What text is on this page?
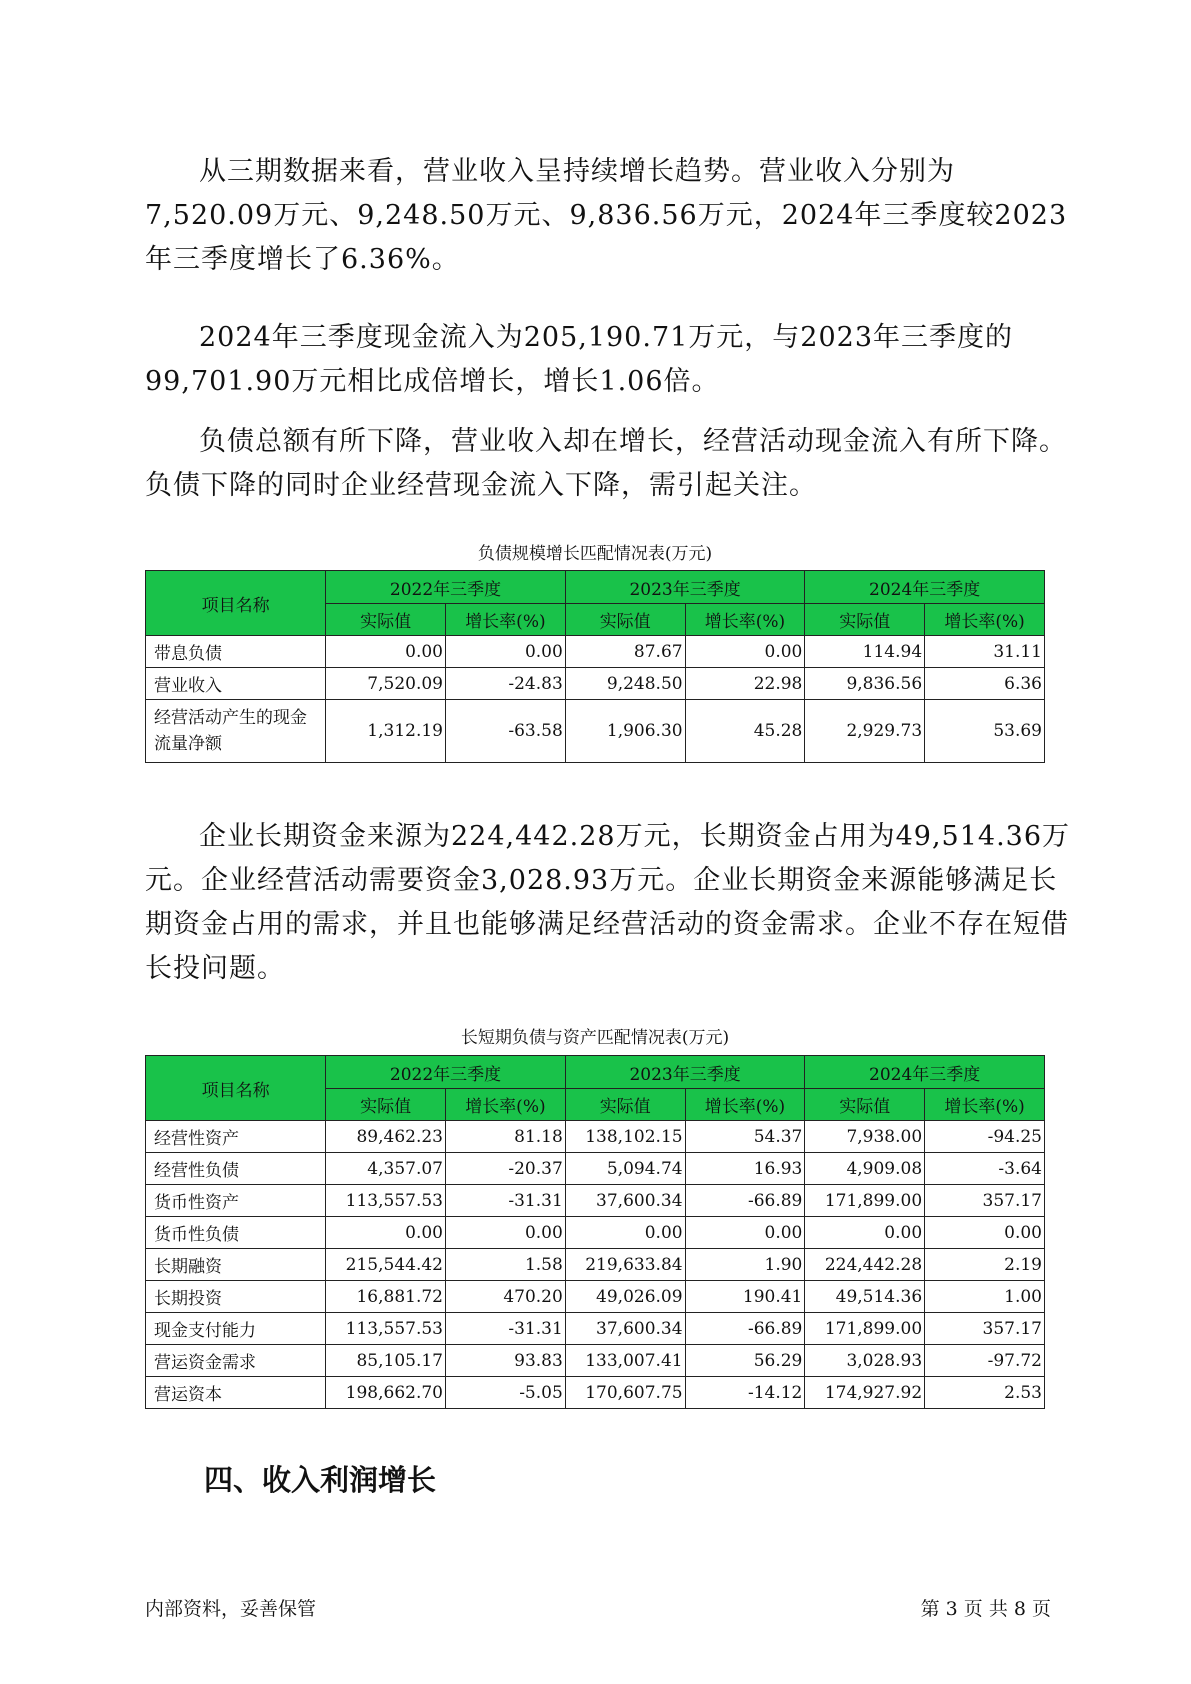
从三期数据来看，营业收入呈持续增长趋势。营业收入分别为7,520.09万元、9,248.50万元、9,836.56万元，2024年三季度较2023年三季度增长了6.36%。

2024年三季度现金流入为205,190.71万元，与2023年三季度的99,701.90万元相比成倍增长，增长1.06倍。

负债总额有所下降，营业收入却在增长，经营活动现金流入有所下降。负债下降的同时企业经营现金流入下降，需引起关注。

负债规模增长匹配情况表(万元)

项目名称	2022年三季度		2023年三季度		2024年三季度	
	实际值	增长率(%)	实际值	增长率(%)	实际值	增长率(%)
带息负债	0.00	0.00	87.67	0.00	114.94	31.11
营业收入	7,520.09	-24.83	9,248.50	22.98	9,836.56	6.36
经营活动产生的现金流量净额	1,312.19	-63.58	1,906.30	45.28	2,929.73	53.69

企业长期资金来源为224,442.28万元，长期资金占用为49,514.36万元。企业经营活动需要资金3,028.93万元。企业长期资金来源能够满足长期资金占用的需求，并且也能够满足经营活动的资金需求。企业不存在短借长投问题。

长短期负债与资产匹配情况表(万元)

项目名称	2022年三季度		2023年三季度		2024年三季度	
	实际值	增长率(%)	实际值	增长率(%)	实际值	增长率(%)
经营性资产	89,462.23	81.18	138,102.15	54.37	7,938.00	-94.25
经营性负债	4,357.07	-20.37	5,094.74	16.93	4,909.08	-3.64
货币性资产	113,557.53	-31.31	37,600.34	-66.89	171,899.00	357.17
货币性负债	0.00	0.00	0.00	0.00	0.00	0.00
长期融资	215,544.42	1.58	219,633.84	1.90	224,442.28	2.19
长期投资	16,881.72	470.20	49,026.09	190.41	49,514.36	1.00
现金支付能力	113,557.53	-31.31	37,600.34	-66.89	171,899.00	357.17
营运资金需求	85,105.17	93.83	133,007.41	56.29	3,028.93	-97.72
营运资本	198,662.70	-5.05	170,607.75	-14.12	174,927.92	2.53
四、收入利润增长

内部资料，妥善保管	第 3 页 共 8 页
